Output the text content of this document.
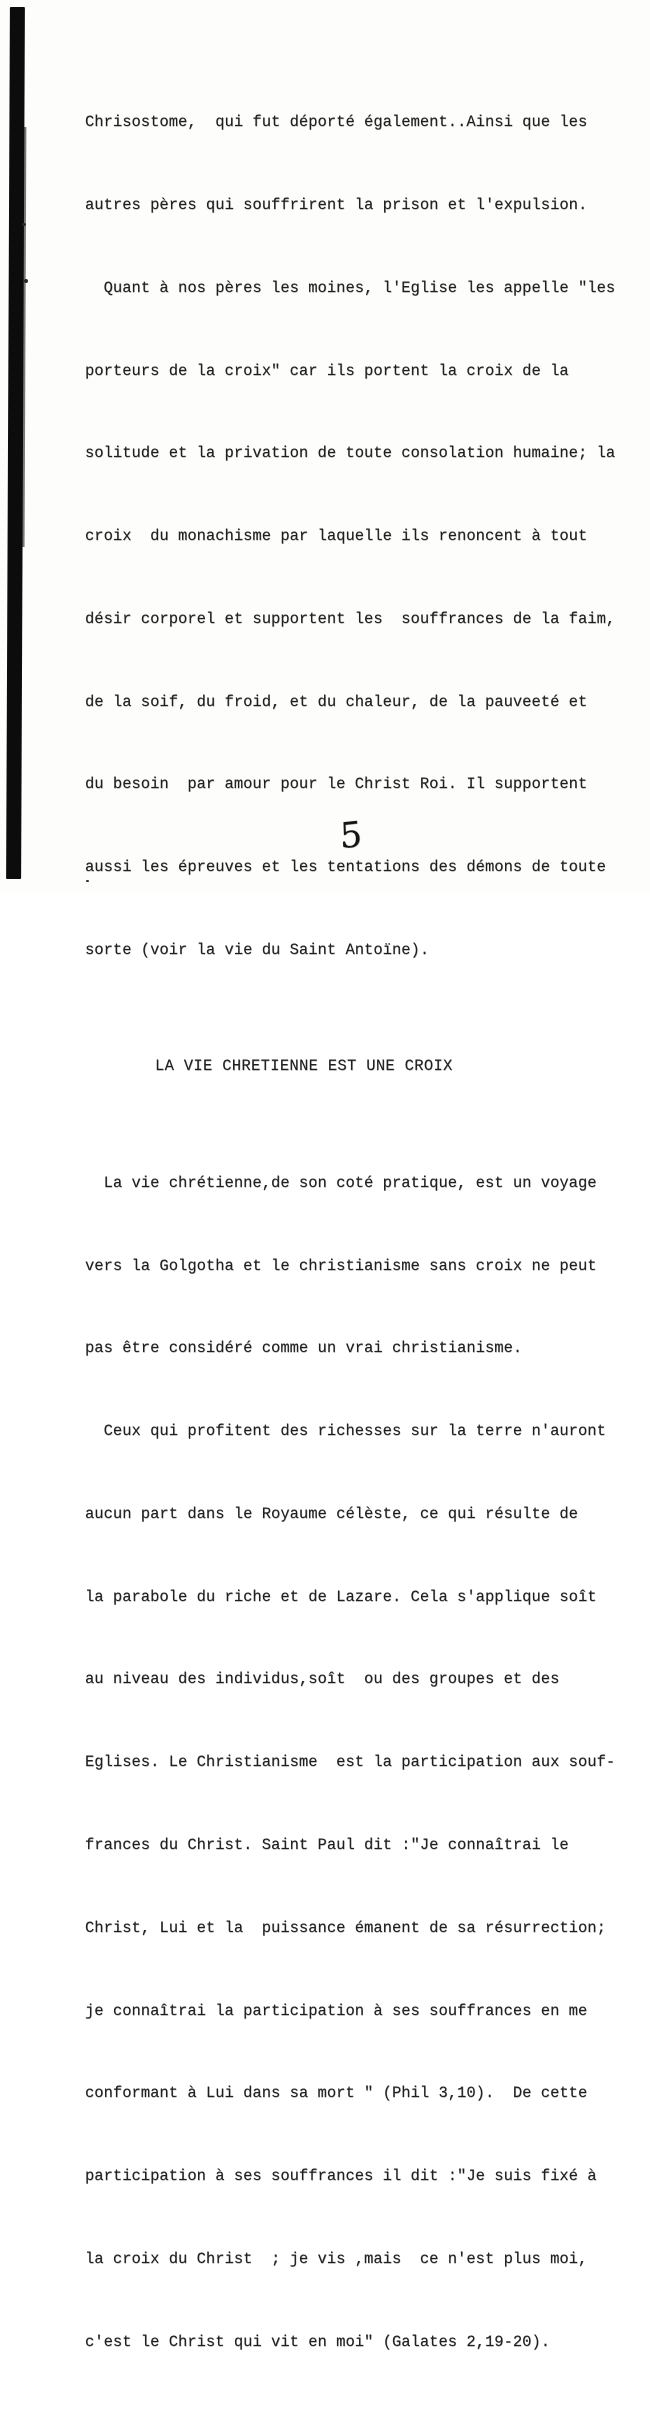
Chrisostome,  qui fut déporté également..Ainsi que les

autres pères qui souffrirent la prison et l'expulsion.

Quant à nos pères les moines, l'Eglise les appelle "les

porteurs de la croix" car ils portent la croix de la

solitude et la privation de toute consolation humaine; la

croix  du monachisme par laquelle ils renoncent à tout

désir corporel et supportent les  souffrances de la faim,

de la soif, du froid, et du chaleur, de la pauveeté et

du besoin  par amour pour le Christ Roi. Il supportent

aussi les épreuves et les tentations des démons de toute

sorte (voir la vie du Saint Antoïne).

LA VIE CHRETIENNE EST UNE CROIX

La vie chrétienne,de son coté pratique, est un voyage

vers la Golgotha et le christianisme sans croix ne peut

pas être considéré comme un vrai christianisme.

Ceux qui profitent des richesses sur la terre n'auront

aucun part dans le Royaume célèste, ce qui résulte de

la parabole du riche et de Lazare. Cela s'applique soît

au niveau des individus,soît  ou des groupes et des

Eglises. Le Christianisme  est la participation aux souf-

frances du Christ. Saint Paul dit :"Je connaîtrai le

Christ, Lui et la  puissance émanent de sa résurrection;

je connaîtrai la participation à ses souffrances en me

conformant à Lui dans sa mort " (Phil 3,10).  De cette

participation à ses souffrances il dit :"Je suis fixé à

la croix du Christ  ; je vis ,mais  ce n'est plus moi,

c'est le Christ qui vit en moi" (Galates 2,19-20).

5
